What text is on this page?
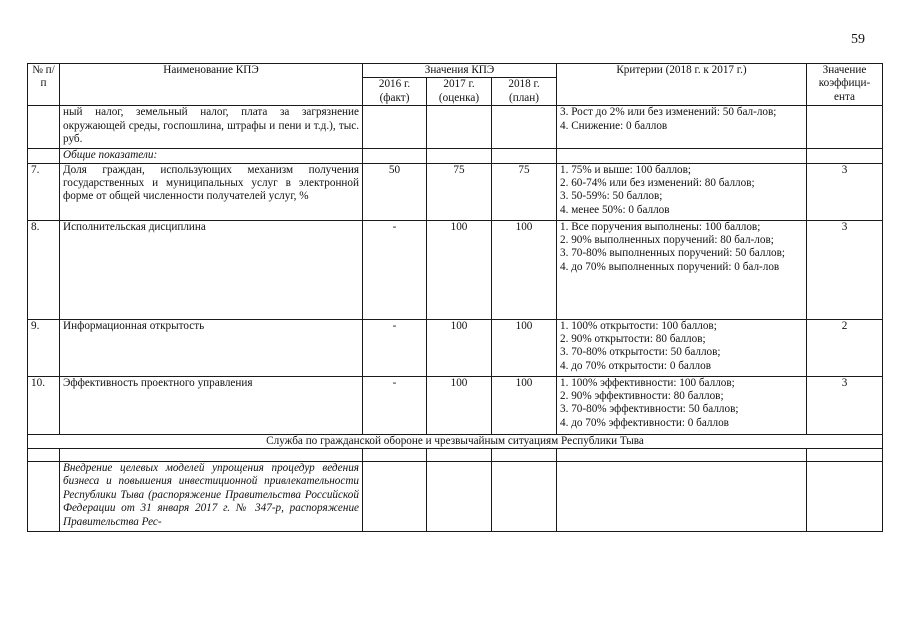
59
№ п/п	Наименование КПЭ	Значения КПЭ			Критерии (2018 г. к 2017 г.)	Значение коэффици-ента
		2016 г. (факт)	2017 г. (оценка)	2018 г. (план)		
	ный налог, земельный налог, плата за загрязнение окружающей среды, госпошлина, штрафы и пени и т.д.), тыс. руб.				3. Рост до 2% или без изменений: 50 бал-лов;
4. Снижение: 0 баллов	

	Общие показатели:					
7.	Доля граждан, использующих механизм получения государственных и муниципальных услуг в электронной форме от общей численности получателей услуг, %	50	75	75	1. 75% и выше: 100 баллов;
2. 60-74% или без изменений: 80 баллов;
3. 50-59%: 50 баллов;
4. менее 50%: 0 баллов	3
8.	Исполнительская дисциплина	-	100	100	1. Все поручения выполнены: 100 баллов;
2. 90% выполненных поручений: 80 бал-лов;
3. 70-80% выполненных поручений: 50 баллов;
4. до 70% выполненных поручений: 0 бал-лов	3
9.	Информационная открытость	-	100	100	1. 100% открытости: 100 баллов;
2. 90% открытости: 80 баллов;
3. 70-80% открытости: 50 баллов;
4. до 70% открытости: 0 баллов	2
10.	Эффективность проектного управления	-	100	100	1. 100% эффективности: 100 баллов;
2. 90% эффективности: 80 баллов;
3. 70-80% эффективности: 50 баллов;
4. до 70% эффективности: 0 баллов	3
Служба по гражданской обороне и чрезвычайным ситуациям Республики Тыва						

	Внедрение целевых моделей упрощения процедур ведения бизнеса и повышения инвестиционной привлекательности Республики Тыва (распоряжение Правительства Российской Федерации от 31 января 2017 г. № 347-р, распоряжение Правительства Рес-					
